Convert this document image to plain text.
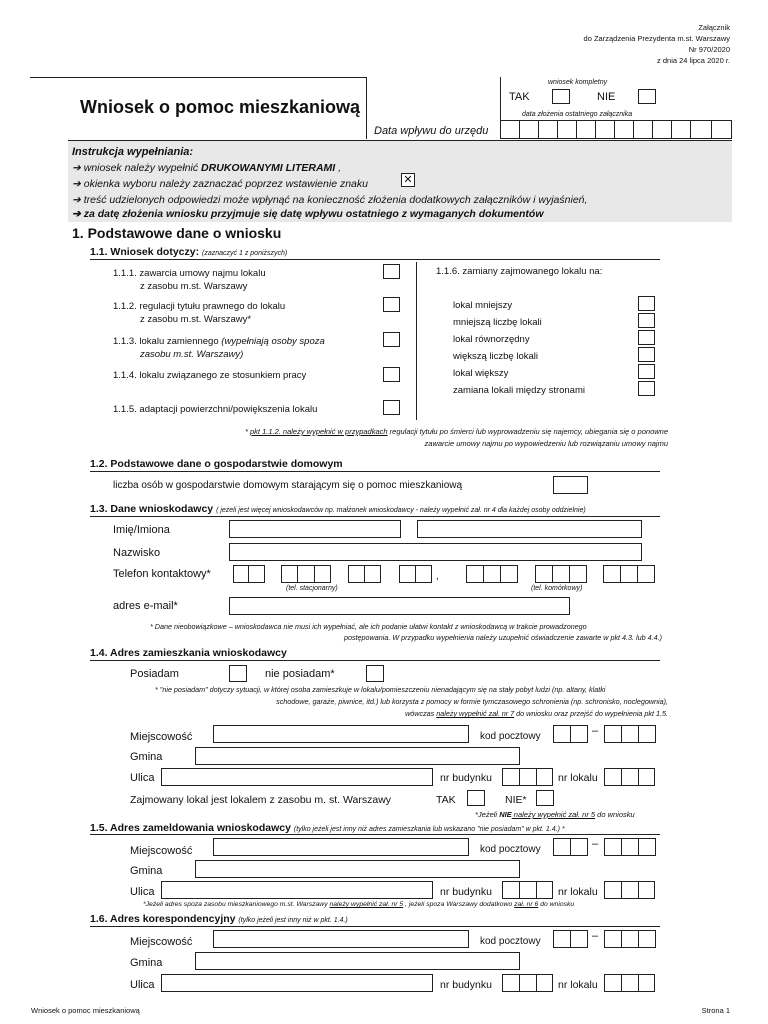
Załącznik
do Zarządzenia Prezydenta m.st. Warszawy
Nr 970/2020
z dnia 24 lipca 2020 r.
Wniosek o pomoc mieszkaniową
Data wpływu do urzędu
wniosek kompletny
TAK	NIE
data złożenia ostatniego załącznika
Instrukcja wypełniania:
➔ wniosek należy wypełnić DRUKOWANYMI LITERAMI ,
➔ okienka wyboru należy zaznaczać poprzez wstawienie znaku	✕
➔ treść udzielonych odpowiedzi może wpłynąć na konieczność złożenia dodatkowych załączników i wyjaśnień,
➔ za datę złożenia wniosku przyjmuje się datę wpływu ostatniego z wymaganych dokumentów
1. Podstawowe dane o wniosku
1.1. Wniosek dotyczy: (zaznaczyć 1 z poniższych)
1.1.1. zawarcia umowy najmu lokalu
z zasobu m.st. Warszawy
1.1.2. regulacji tytułu prawnego do lokalu
z zasobu m.st. Warszawy*
1.1.3. lokalu zamiennego (wypełniają osoby spoza
zasobu m.st. Warszawy)
1.1.4. lokalu związanego ze stosunkiem pracy
1.1.5. adaptacji powierzchni/powiększenia lokalu
1.1.6. zamiany zajmowanego lokalu na:
lokal mniejszy
mniejszą liczbę lokali
lokal równorzędny
większą liczbę lokali
lokal większy
zamiana lokali między stronami
* pkt 1.1.2. należy wypełnić w przypadkach regulacji tytułu po śmierci lub wyprowadzeniu się najemcy, ubiegania się o ponowne
zawarcie umowy najmu po wypowiedzeniu lub rozwiązaniu umowy najmu
1.2. Podstawowe dane o gospodarstwie domowym
liczba osób w gospodarstwie domowym starającym się o pomoc mieszkaniową
1.3. Dane wnioskodawcy ( jeżeli jest więcej wnioskodawców np. małżonek wnioskodawcy - należy wypełnić zał. nr 4 dla każdej osoby oddzielnie)
Imię/Imiona
Nazwisko
Telefon kontaktowy*	,
(tel. stacjonarny)	(tel. komórkowy)
adres e-mail*
* Dane nieobowiązkowe – wnioskodawca nie musi ich wypełniać, ale ich podanie ułatwi kontakt z wnioskodawcą w trakcie prowadzonego
postępowania. W przypadku wypełnienia należy uzupełnić oświadczenie zawarte w pkt 4.3. lub 4.4.)
1.4. Adres zamieszkania wnioskodawcy
Posiadam	nie posiadam*
* "nie posiadam" dotyczy sytuacji, w której osoba zamieszkuje w lokalu/pomieszczeniu nienadającym się na stały pobyt ludzi (np. altany, klatki
schodowe, garaże, piwnice, itd.) lub korzysta z pomocy w formie tymczasowego schronienia (np. schronisko, noclegownia),
wówczas należy wypełnić zał. nr 7 do wniosku oraz przejść do wypełnienia pkt 1.5.
Miejscowość	kod pocztowy	–
Gmina
Ulica	nr budynku	nr lokalu
Zajmowany lokal jest lokalem z zasobu m. st. Warszawy	TAK	NIE*
*Jeżeli NIE należy wypełnić zał. nr 5 do wniosku
1.5. Adres zameldowania wnioskodawcy (tylko jeżeli jest inny niż adres zamieszkania lub wskazano "nie posiadam" w pkt. 1.4.) *
Miejscowość	kod pocztowy	–
Gmina
Ulica	nr budynku	nr lokalu
*Jeżeli adres spoza zasobu mieszkaniowego m.st. Warszawy należy wypełnić zał. nr 5 , jeżeli spoza Warszawy dodatkowo zał. nr 6 do wniosku
1.6. Adres korespondencyjny (tylko jeżeli jest inny niż w pkt. 1.4.)
Miejscowość	kod pocztowy	–
Gmina
Ulica	nr budynku	nr lokalu
Wniosek o pomoc mieszkaniową	Strona 1
